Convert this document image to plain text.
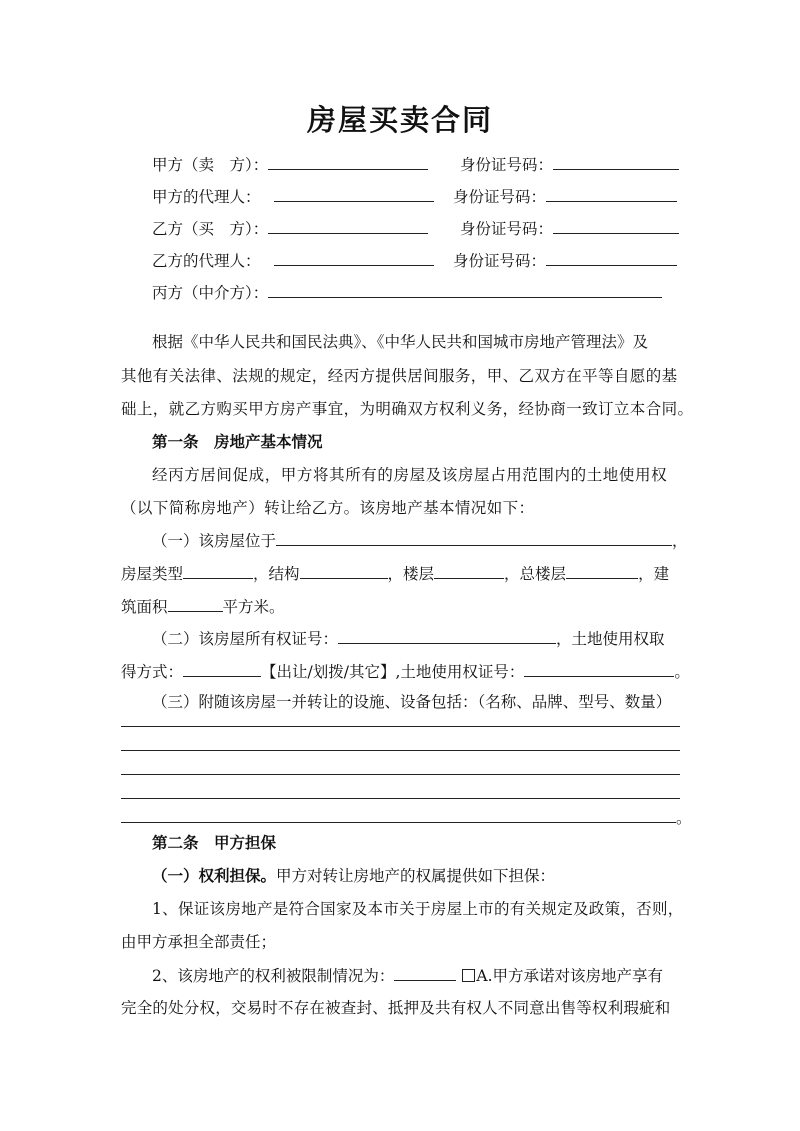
房屋买卖合同
甲方（卖　方）：	身份证号码：
甲方的代理人：	身份证号码：
乙方（买　方）：	身份证号码：
乙方的代理人：	身份证号码：
丙方（中介方）：
根据《中华人民共和国民法典》、《中华人民共和国城市房地产管理法》及
其他有关法律、法规的规定，经丙方提供居间服务，甲、乙双方在平等自愿的基
础上，就乙方购买甲方房产事宜，为明确双方权利义务，经协商一致订立本合同。
第一条　房地产基本情况
经丙方居间促成，甲方将其所有的房屋及该房屋占用范围内的土地使用权
（以下简称房地产）转让给乙方。该房地产基本情况如下：
（一）该房屋位于	，
房屋类型	，结构	，楼层	，总楼层	，建
筑面积	平方米。
（二）该房屋所有权证号：	，土地使用权取
得方式：	【出让/划拨/其它】,土地使用权证号：	。
（三）附随该房屋一并转让的设施、设备包括：（名称、品牌、型号、数量）
。
第二条　甲方担保
（一）权利担保。甲方对转让房地产的权属提供如下担保：
1、保证该房地产是符合国家及本市关于房屋上市的有关规定及政策，否则，
由甲方承担全部责任；
2、该房地产的权利被限制情况为：	A.甲方承诺对该房地产享有
完全的处分权，交易时不存在被查封、抵押及共有权人不同意出售等权利瑕疵和
